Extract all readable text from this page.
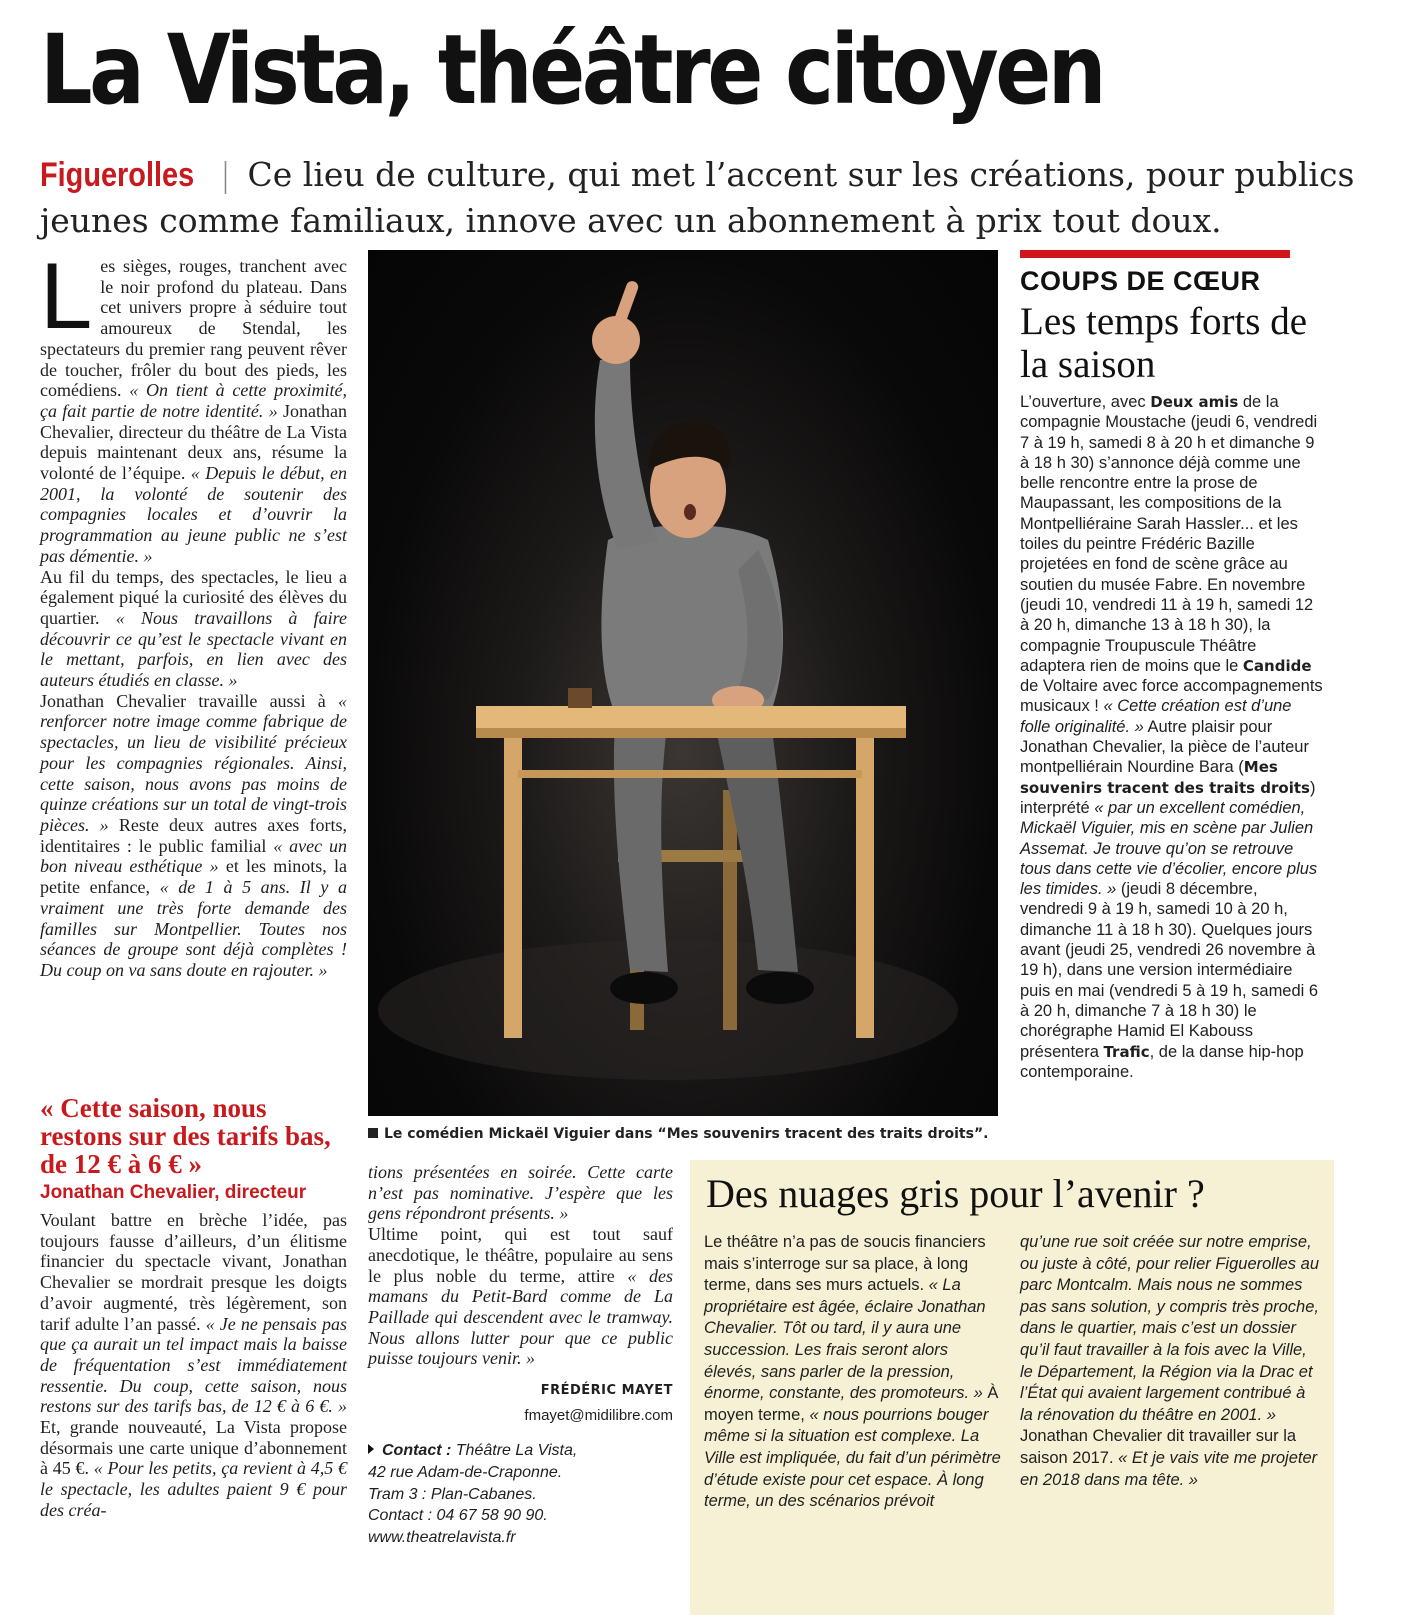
La Vista, théâtre citoyen
Figuerolles | Ce lieu de culture, qui met l’accent sur les créations, pour publics jeunes comme familiaux, innove avec un abonnement à prix tout doux.

Les sièges, rouges, tranchent avec le noir profond du plateau. Dans cet univers propre à séduire tout amoureux de Stendal, les spectateurs du premier rang peuvent rêver de toucher, frôler du bout des pieds, les comédiens. « On tient à cette proximité, ça fait partie de notre identité. » Jonathan Chevalier, directeur du théâtre de La Vista depuis maintenant deux ans, résume la volonté de l’équipe. « Depuis le début, en 2001, la volonté de soutenir des compagnies locales et d’ouvrir la programmation au jeune public ne s’est pas démentie. »

Au fil du temps, des spectacles, le lieu a également piqué la curiosité des élèves du quartier. « Nous travaillons à faire découvrir ce qu’est le spectacle vivant en le mettant, parfois, en lien avec des auteurs étudiés en classe. »

Jonathan Chevalier travaille aussi à « renforcer notre image comme fabrique de spectacles, un lieu de visibilité précieux pour les compagnies régionales. Ainsi, cette saison, nous avons pas moins de quinze créations sur un total de vingt-trois pièces. » Reste deux autres axes forts, identitaires : le public familial « avec un bon niveau esthétique » et les minots, la petite enfance, « de 1 à 5 ans. Il y a vraiment une très forte demande des familles sur Montpellier. Toutes nos séances de groupe sont déjà complètes ! Du coup on va sans doute en rajouter. »

« Cette saison, nous restons sur des tarifs bas, de 12 € à 6 € »
Jonathan Chevalier, directeur

Voulant battre en brèche l’idée, pas toujours fausse d’ailleurs, d’un élitisme financier du spectacle vivant, Jonathan Chevalier se mordrait presque les doigts d’avoir augmenté, très légèrement, son tarif adulte l’an passé. « Je ne pensais pas que ça aurait un tel impact mais la baisse de fréquentation s’est immédiatement ressentie. Du coup, cette saison, nous restons sur des tarifs bas, de 12 € à 6 €. » Et, grande nouveauté, La Vista propose désormais une carte unique d’abonnement à 45 €. « Pour les petits, ça revient à 4,5 € le spectacle, les adultes paient 9 € pour des créa-

Le comédien Mickaël Viguier dans “Mes souvenirs tracent des traits droits”.

tions présentées en soirée. Cette carte n’est pas nominative. J’espère que les gens répondront présents. »

Ultime point, qui est tout sauf anecdotique, le théâtre, populaire au sens le plus noble du terme, attire « des mamans du Petit-Bard comme de La Paillade qui descendent avec le tramway. Nous allons lutter pour que ce public puisse toujours venir. »

FRÉDÉRIC MAYET
fmayet@midilibre.com
Contact : Théâtre La Vista,
42 rue Adam-de-Craponne.
Tram 3 : Plan-Cabanes.
Contact : 04 67 58 90 90.
www.theatrelavista.fr
COUPS DE CŒUR
Les temps forts de la saison
L’ouverture, avec Deux amis de la compagnie Moustache (jeudi 6, vendredi 7 à 19 h, samedi 8 à 20 h et dimanche 9 à 18 h 30) s’annonce déjà comme une belle rencontre entre la prose de Maupassant, les compositions de la Montpelliéraine Sarah Hassler... et les toiles du peintre Frédéric Bazille projetées en fond de scène grâce au soutien du musée Fabre. En novembre (jeudi 10, vendredi 11 à 19 h, samedi 12 à 20 h, dimanche 13 à 18 h 30), la compagnie Troupuscule Théâtre adaptera rien de moins que le Candide de Voltaire avec force accompagnements musicaux ! « Cette création est d’une folle originalité. » Autre plaisir pour Jonathan Chevalier, la pièce de l’auteur montpelliérain Nourdine Bara (Mes souvenirs tracent des traits droits) interprété « par un excellent comédien, Mickaël Viguier, mis en scène par Julien Assemat. Je trouve qu’on se retrouve tous dans cette vie d’écolier, encore plus les timides. » (jeudi 8 décembre, vendredi 9 à 19 h, samedi 10 à 20 h, dimanche 11 à 18 h 30). Quelques jours avant (jeudi 25, vendredi 26 novembre à 19 h), dans une version intermédiaire puis en mai (vendredi 5 à 19 h, samedi 6 à 20 h, dimanche 7 à 18 h 30) le chorégraphe Hamid El Kabouss présentera Trafic, de la danse hip-hop contemporaine.
Des nuages gris pour l’avenir ?
Le théâtre n’a pas de soucis financiers mais s’interroge sur sa place, à long terme, dans ses murs actuels. « La propriétaire est âgée, éclaire Jonathan Chevalier. Tôt ou tard, il y aura une succession. Les frais seront alors élevés, sans parler de la pression, énorme, constante, des promoteurs. » À moyen terme, « nous pourrions bouger même si la situation est complexe. La Ville est impliquée, du fait d’un périmètre d’étude existe pour cet espace. À long terme, un des scénarios prévoit
qu’une rue soit créée sur notre emprise, ou juste à côté, pour relier Figuerolles au parc Montcalm. Mais nous ne sommes pas sans solution, y compris très proche, dans le quartier, mais c’est un dossier qu’il faut travailler à la fois avec la Ville, le Département, la Région via la Drac et l’État qui avaient largement contribué à la rénovation du théâtre en 2001. » Jonathan Chevalier dit travailler sur la saison 2017. « Et je vais vite me projeter en 2018 dans ma tête. »
